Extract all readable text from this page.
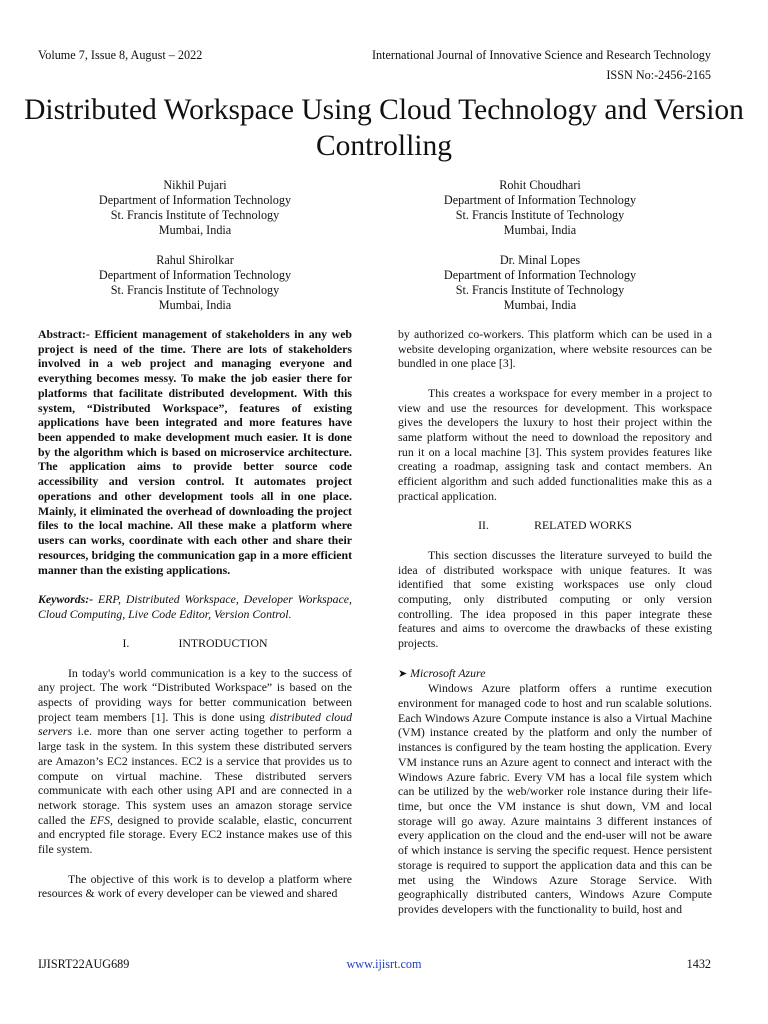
Volume 7, Issue 8, August – 2022	International Journal of Innovative Science and Research Technology
ISSN No:-2456-2165
Distributed Workspace Using Cloud Technology and Version Controlling
Nikhil Pujari
Department of Information Technology
St. Francis Institute of Technology
Mumbai, India
Rohit Choudhari
Department of Information Technology
St. Francis Institute of Technology
Mumbai, India
Rahul Shirolkar
Department of Information Technology
St. Francis Institute of Technology
Mumbai, India
Dr. Minal Lopes
Department of Information Technology
St. Francis Institute of Technology
Mumbai, India

Abstract:- Efficient management of stakeholders in any web project is need of the time. There are lots of stakeholders involved in a web project and managing everyone and everything becomes messy. To make the job easier there for platforms that facilitate distributed development. With this system, “Distributed Workspace”, features of existing applications have been integrated and more features have been appended to make development much easier. It is done by the algorithm which is based on microservice architecture. The application aims to provide better source code accessibility and version control. It automates project operations and other development tools all in one place. Mainly, it eliminated the overhead of downloading the project files to the local machine. All these make a platform where users can works, coordinate with each other and share their resources, bridging the communication gap in a more efficient manner than the existing applications.

Keywords:- ERP, Distributed Workspace, Developer Workspace, Cloud Computing, Live Code Editor, Version Control.

I.	INTRODUCTION

In today's world communication is a key to the success of any project. The work “Distributed Workspace” is based on the aspects of providing ways for better communication between project team members [1]. This is done using distributed cloud servers i.e. more than one server acting together to perform a large task in the system. In this system these distributed servers are Amazon’s EC2 instances. EC2 is a service that provides us to compute on virtual machine. These distributed servers communicate with each other using API and are connected in a network storage. This system uses an amazon storage service called the EFS, designed to provide scalable, elastic, concurrent and encrypted file storage. Every EC2 instance makes use of this file system.

The objective of this work is to develop a platform where resources & work of every developer can be viewed and shared

by authorized co-workers. This platform which can be used in a website developing organization, where website resources can be bundled in one place [3].

This creates a workspace for every member in a project to view and use the resources for development. This workspace gives the developers the luxury to host their project within the same platform without the need to download the repository and run it on a local machine [3]. This system provides features like creating a roadmap, assigning task and contact members. An efficient algorithm and such added functionalities make this as a practical application.

II.	RELATED WORKS

This section discusses the literature surveyed to build the idea of distributed workspace with unique features. It was identified that some existing workspaces use only cloud computing, only distributed computing or only version controlling. The idea proposed in this paper integrate these features and aims to overcome the drawbacks of these existing projects.

➤ Microsoft Azure

Windows Azure platform offers a runtime execution environment for managed code to host and run scalable solutions. Each Windows Azure Compute instance is also a Virtual Machine (VM) instance created by the platform and only the number of instances is configured by the team hosting the application. Every VM instance runs an Azure agent to connect and interact with the Windows Azure fabric. Every VM has a local file system which can be utilized by the web/worker role instance during their life-time, but once the VM instance is shut down, VM and local storage will go away. Azure maintains 3 different instances of every application on the cloud and the end-user will not be aware of which instance is serving the specific request. Hence persistent storage is required to support the application data and this can be met using the Windows Azure Storage Service. With geographically distributed canters, Windows Azure Compute provides developers with the functionality to build, host and

IJISRT22AUG689	www.ijisrt.com	1432
